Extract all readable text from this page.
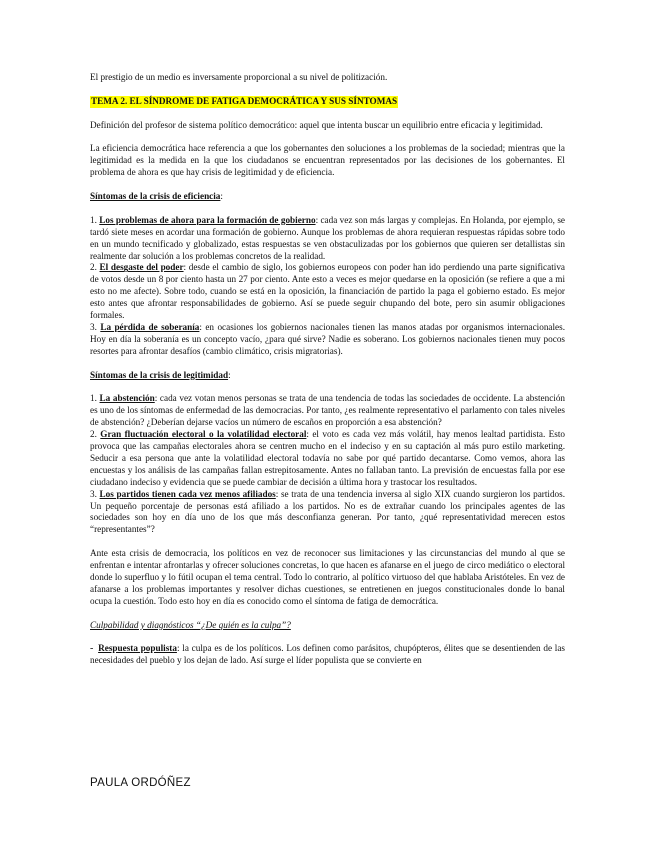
El prestigio de un medio es inversamente proporcional a su nivel de politización.

TEMA 2. EL SÍNDROME DE FATIGA DEMOCRÁTICA Y SUS SÍNTOMAS

Definición del profesor de sistema político democrático: aquel que intenta buscar un equilibrio entre eficacia y legitimidad.

La eficiencia democrática hace referencia a que los gobernantes den soluciones a los problemas de la sociedad; mientras que la legitimidad es la medida en la que los ciudadanos se encuentran representados por las decisiones de los gobernantes. El problema de ahora es que hay crisis de legitimidad y de eficiencia.

Síntomas de la crisis de eficiencia:

1. Los problemas de ahora para la formación de gobierno: cada vez son más largas y complejas. En Holanda, por ejemplo, se tardó siete meses en acordar una formación de gobierno. Aunque los problemas de ahora requieran respuestas rápidas sobre todo en un mundo tecnificado y globalizado, estas respuestas se ven obstaculizadas por los gobiernos que quieren ser detallistas sin realmente dar solución a los problemas concretos de la realidad.

2. El desgaste del poder: desde el cambio de siglo, los gobiernos europeos con poder han ido perdiendo una parte significativa de votos desde un 8 por ciento hasta un 27 por ciento. Ante esto a veces es mejor quedarse en la oposición (se refiere a que a mi esto no me afecte). Sobre todo, cuando se está en la oposición, la financiación de partido la paga el gobierno estado. Es mejor esto antes que afrontar responsabilidades de gobierno. Así se puede seguir chupando del bote, pero sin asumir obligaciones formales.

3. La pérdida de soberanía: en ocasiones los gobiernos nacionales tienen las manos atadas por organismos internacionales. Hoy en día la soberanía es un concepto vacío, ¿para qué sirve? Nadie es soberano. Los gobiernos nacionales tienen muy pocos resortes para afrontar desafíos (cambio climático, crisis migratorias).

Síntomas de la crisis de legitimidad:

1. La abstención: cada vez votan menos personas se trata de una tendencia de todas las sociedades de occidente. La abstención es uno de los síntomas de enfermedad de las democracias. Por tanto, ¿es realmente representativo el parlamento con tales niveles de abstención? ¿Deberían dejarse vacíos un número de escaños en proporción a esa abstención?

2. Gran fluctuación electoral o la volatilidad electoral: el voto es cada vez más volátil, hay menos lealtad partidista. Esto provoca que las campañas electorales ahora se centren mucho en el indeciso y en su captación al más puro estilo marketing. Seducir a esa persona que ante la volatilidad electoral todavía no sabe por qué partido decantarse. Como vemos, ahora las encuestas y los análisis de las campañas fallan estrepitosamente. Antes no fallaban tanto. La previsión de encuestas falla por ese ciudadano indeciso y evidencia que se puede cambiar de decisión a última hora y trastocar los resultados.

3. Los partidos tienen cada vez menos afiliados: se trata de una tendencia inversa al siglo XIX cuando surgieron los partidos. Un pequeño porcentaje de personas está afiliado a los partidos. No es de extrañar cuando los principales agentes de las sociedades son hoy en día uno de los que más desconfianza generan. Por tanto, ¿qué representatividad merecen estos “representantes”?

Ante esta crisis de democracia, los políticos en vez de reconocer sus limitaciones y las circunstancias del mundo al que se enfrentan e intentar afrontarlas y ofrecer soluciones concretas, lo que hacen es afanarse en el juego de circo mediático o electoral donde lo superfluo y lo fútil ocupan el tema central. Todo lo contrario, al político virtuoso del que hablaba Aristóteles. En vez de afanarse a los problemas importantes y resolver dichas cuestiones, se entretienen en juegos constitucionales donde lo banal ocupa la cuestión. Todo esto hoy en día es conocido como el síntoma de fatiga de democrática.

Culpabilidad y diagnósticos “¿De quién es la culpa”?

- Respuesta populista: la culpa es de los políticos. Los definen como parásitos, chupópteros, élites que se desentienden de las necesidades del pueblo y los dejan de lado. Así surge el líder populista que se convierte en

PAULA ORDÓÑEZ
